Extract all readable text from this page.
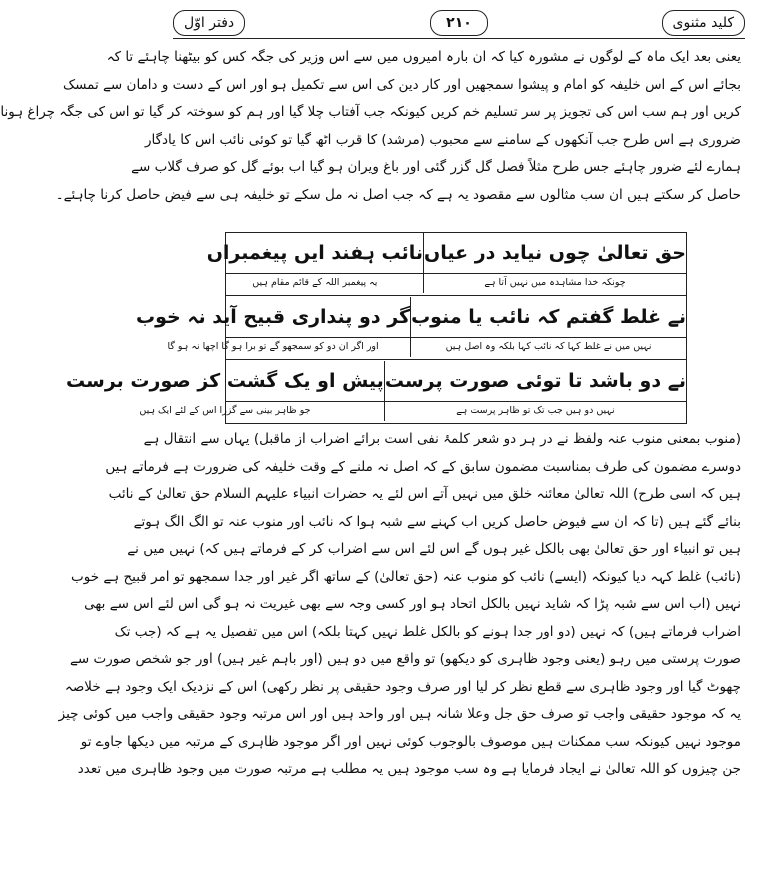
کلید مثنوی
۲۱۰
دفتر اوّل
یعنی بعد ایک ماہ کے لوگوں نے مشورہ کیا کہ ان بارہ امیروں میں سے اس وزیر کی جگہ کس کو بیٹھنا چاہئے تا کہ
بجائے اس کے اس خلیفہ کو امام و پیشوا سمجھیں اور کار دین کی اس سے تکمیل ہو اور اس کے دست و دامان سے تمسک
کریں اور ہم سب اس کی تجویز پر سر تسلیم خم کریں کیونکہ جب آفتاب چلا گیا اور ہم کو سوختہ کر گیا تو اس کی جگہ چراغ ہونا
ضروری ہے اس طرح جب آنکھوں کے سامنے سے محبوب (مرشد) کا قرب اٹھ گیا تو کوئی نائب اس کا یادگار
ہمارے لئے ضرور چاہئے جس طرح مثلاً فصل گل گزر گئی اور باغ ویران ہو گیا اب بوئے گل کو صرف گلاب سے
حاصل کر سکتے ہیں ان سب مثالوں سے مقصود یہ ہے کہ جب اصل نہ مل سکے تو خلیفہ ہی سے فیض حاصل کرنا چاہئے۔
حق تعالیٰ چوں نیاید در عیاں
چونکہ خدا مشاہدہ میں نہیں آتا ہے
نائب ہفند ایں پیغمبراں
یہ پیغمبر اللہ کے قائم مقام ہیں
نے غلط گفتم کہ نائب یا منوب
نہیں میں نے غلط کہا کہ نائب کہا بلکہ وہ اصل ہیں
گر دو پنداری قبیح آید نہ خوب
اور اگر ان دو کو سمجھو گے تو برا ہو گا اچھا نہ ہو گا
نے دو باشد تا توئی صورت پرست
نہیں دو ہیں جب تک تو ظاہر پرست ہے
پیش او یک گشت کز صورت برست
جو ظاہر بینی سے گزرا اس کے لئے ایک ہیں
(منوب بمعنی منوب عنہ ولفظ نے در ہر دو شعر کلمۂ نفی است برائے اضراب از ماقبل) یہاں سے انتقال ہے
دوسرے مضمون کی طرف بمناسبت مضمون سابق کے کہ اصل نہ ملنے کے وقت خلیفہ کی ضرورت ہے فرماتے ہیں
ہیں کہ اسی طرح) اللہ تعالیٰ معائنہ خلق میں نہیں آتے اس لئے یہ حضرات انبیاء علیہم السلام حق تعالیٰ کے نائب
بنائے گئے ہیں (تا کہ ان سے فیوض حاصل کریں اب کہنے سے شبہ ہوا کہ نائب اور منوب عنہ تو الگ الگ ہوتے
ہیں تو انبیاء اور حق تعالیٰ بھی بالکل غیر ہوں گے اس لئے اس سے اضراب کر کے فرماتے ہیں کہ) نہیں میں نے
(نائب) غلط کہہ دیا کیونکہ (ایسے) نائب کو منوب عنہ (حق تعالیٰ) کے ساتھ اگر غیر اور جدا سمجھو تو امر قبیح ہے خوب
نہیں (اب اس سے شبہ پڑا کہ شاید نہیں بالکل اتحاد ہو اور کسی وجہ سے بھی غیریت نہ ہو گی اس لئے اس سے بھی
اضراب فرماتے ہیں) کہ نہیں (دو اور جدا ہونے کو بالکل غلط نہیں کہتا بلکہ) اس میں تفصیل یہ ہے کہ (جب تک
صورت پرستی میں رہو (یعنی وجود ظاہری کو دیکھو) تو واقع میں دو ہیں (اور باہم غیر ہیں) اور جو شخص صورت سے
چھوٹ گیا اور وجود ظاہری سے قطع نظر کر لیا اور صرف وجود حقیقی پر نظر رکھی) اس کے نزدیک ایک وجود ہے خلاصہ
یہ کہ موجود حقیقی واجب تو صرف حق جل وعلا شانہ ہیں اور واحد ہیں اور اس مرتبہ وجود حقیقی واجب میں کوئی چیز
موجود نہیں کیونکہ سب ممکنات ہیں موصوف بالوجوب کوئی نہیں اور اگر موجود ظاہری کے مرتبہ میں دیکھا جاوے تو
جن چیزوں کو اللہ تعالیٰ نے ایجاد فرمایا ہے وہ سب موجود ہیں یہ مطلب ہے مرتبہ صورت میں وجود ظاہری میں تعدد
